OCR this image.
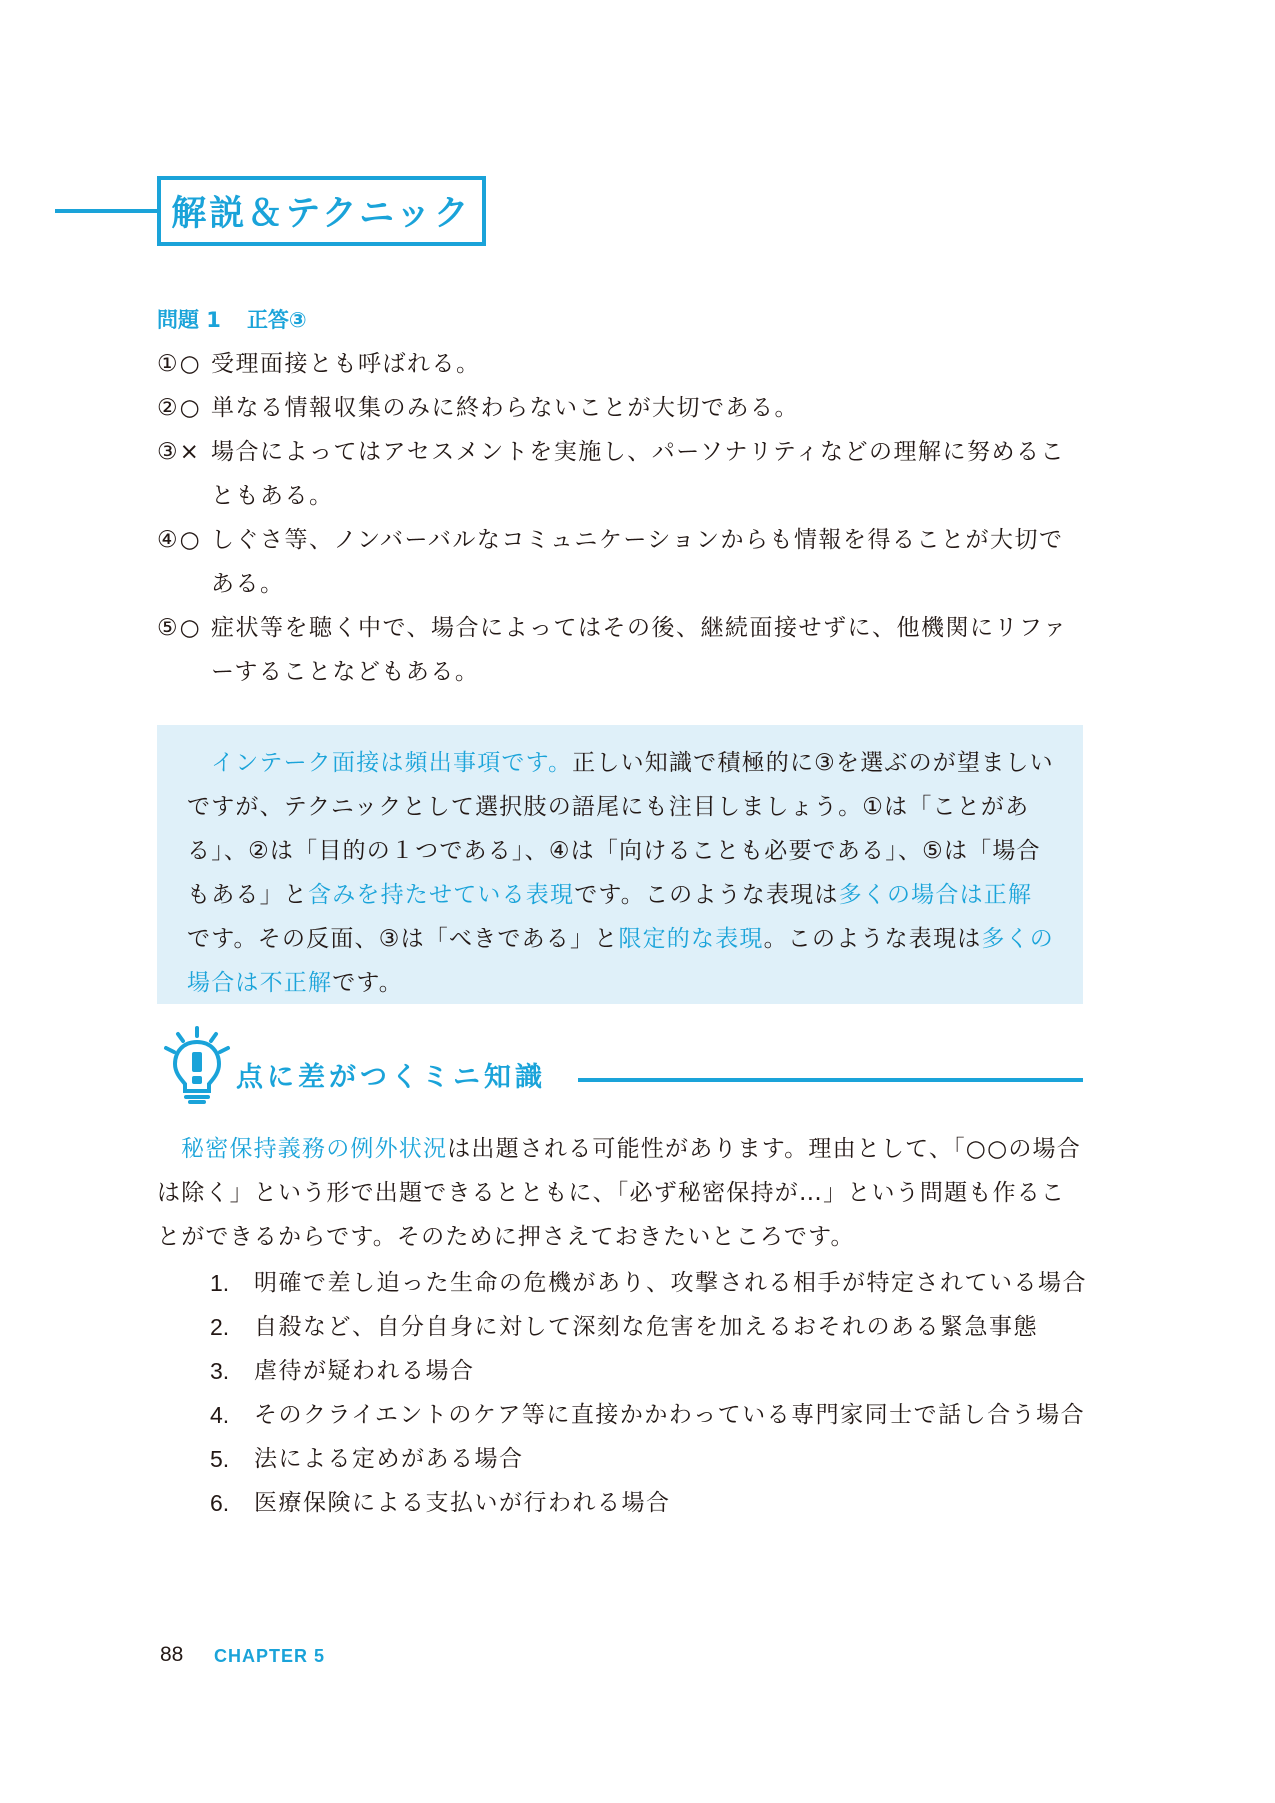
解説＆テクニック
問題 1 正答③
①○ 受理面接とも呼ばれる。
②○ 単なる情報収集のみに終わらないことが大切である。
③× 場合によってはアセスメントを実施し、パーソナリティなどの理解に努めることもある。
④○ しぐさ等、ノンバーバルなコミュニケーションからも情報を得ることが大切である。
⑤○ 症状等を聴く中で、場合によってはその後、継続面接せずに、他機関にリファーすることなどもある。

インテーク面接は頻出事項です。正しい知識で積極的に③を選ぶのが望ましいですが、テクニックとして選択肢の語尾にも注目しましょう。①は「ことがある」、②は「目的の１つである」、④は「向けることも必要である」、⑤は「場合もある」と含みを持たせている表現です。このような表現は多くの場合は正解です。その反面、③は「べきである」と限定的な表現。このような表現は多くの場合は不正解です。

点に差がつくミニ知識

秘密保持義務の例外状況は出題される可能性があります。理由として、「○○の場合は除く」という形で出題できるとともに、「必ず秘密保持が…」という問題も作ることができるからです。そのために押さえておきたいところです。

1. 明確で差し迫った生命の危機があり、攻撃される相手が特定されている場合
2. 自殺など、自分自身に対して深刻な危害を加えるおそれのある緊急事態
3. 虐待が疑われる場合
4. そのクライエントのケア等に直接かかわっている専門家同士で話し合う場合
5. 法による定めがある場合
6. 医療保険による支払いが行われる場合
88 CHAPTER 5
